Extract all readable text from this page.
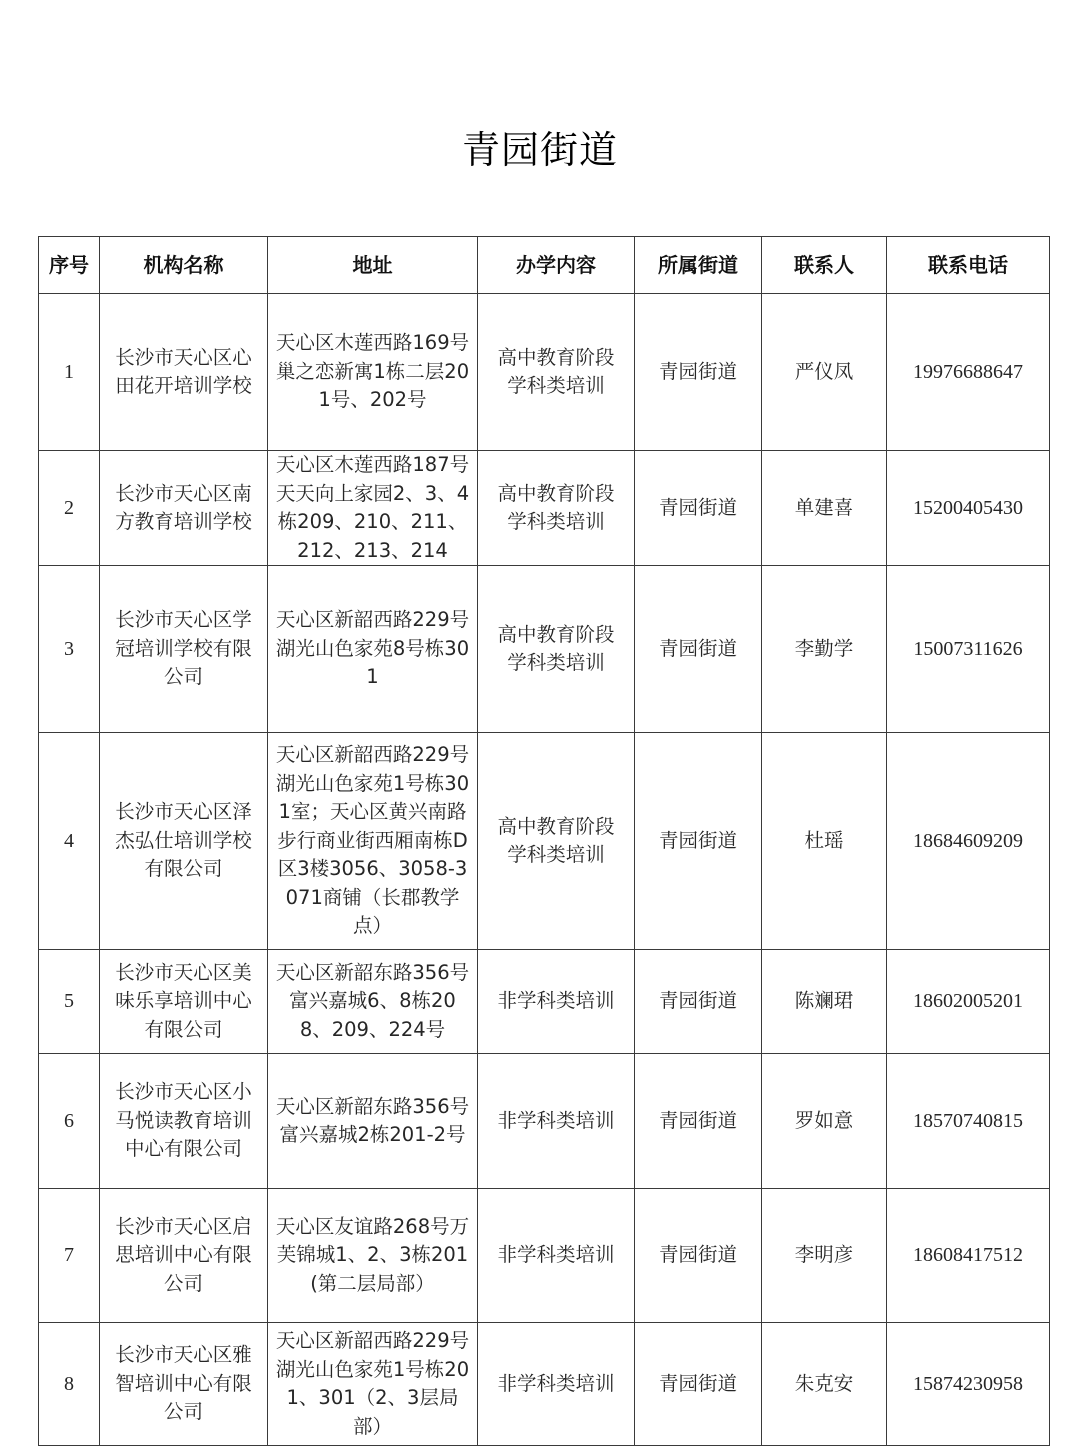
青园街道
序号	机构名称	地址	办学内容	所属街道	联系人	联系电话
1	长沙市天心区心田花开培训学校	天心区木莲西路169号巢之恋新寓1栋二层201号、202号	高中教育阶段学科类培训	青园街道	严仪凤	19976688647
2	长沙市天心区南方教育培训学校	天心区木莲西路187号天天向上家园2、3、4栋209、210、211、212、213、214	高中教育阶段学科类培训	青园街道	单建喜	15200405430
3	长沙市天心区学冠培训学校有限公司	天心区新韶西路229号湖光山色家苑8号栋301	高中教育阶段学科类培训	青园街道	李勤学	15007311626
4	长沙市天心区泽杰弘仕培训学校有限公司	天心区新韶西路229号湖光山色家苑1号栋301室；天心区黄兴南路步行商业街西厢南栋D区3楼3056、3058-3071商铺（长郡教学点）	高中教育阶段学科类培训	青园街道	杜瑶	18684609209
5	长沙市天心区美味乐享培训中心有限公司	天心区新韶东路356号富兴嘉城6、8栋208、209、224号	非学科类培训	青园街道	陈斓珺	18602005201
6	长沙市天心区小马悦读教育培训中心有限公司	天心区新韶东路356号富兴嘉城2栋201-2号	非学科类培训	青园街道	罗如意	18570740815
7	长沙市天心区启思培训中心有限公司	天心区友谊路268号万芙锦城1、2、3栋201(第二层局部）	非学科类培训	青园街道	李明彦	18608417512
8	长沙市天心区雅智培训中心有限公司	天心区新韶西路229号湖光山色家苑1号栋201、301（2、3层局部）	非学科类培训	青园街道	朱克安	15874230958
